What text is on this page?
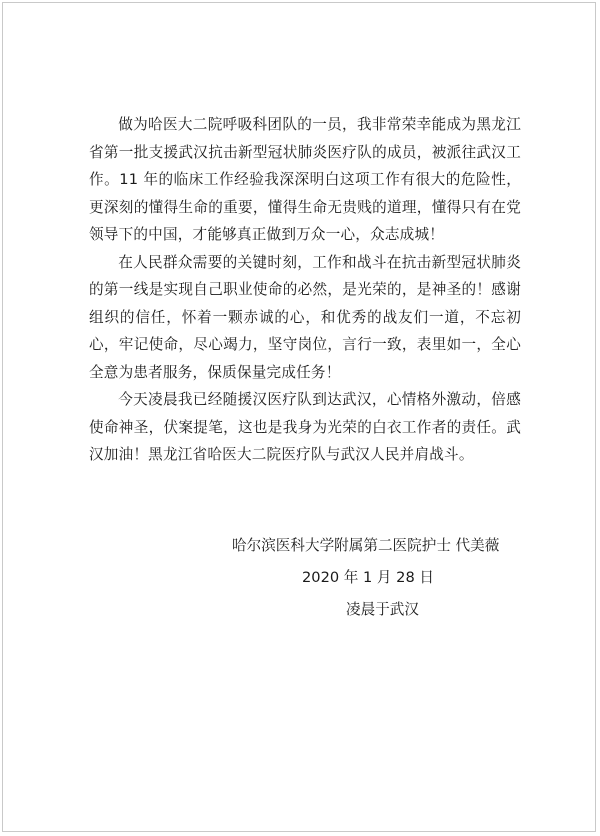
做为哈医大二院呼吸科团队的一员，我非常荣幸能成为黑龙江省第一批支援武汉抗击新型冠状肺炎医疗队的成员，被派往武汉工作。11 年的临床工作经验我深深明白这项工作有很大的危险性，更深刻的懂得生命的重要，懂得生命无贵贱的道理，懂得只有在党领导下的中国，才能够真正做到万众一心，众志成城！

在人民群众需要的关键时刻，工作和战斗在抗击新型冠状肺炎的第一线是实现自己职业使命的必然，是光荣的，是神圣的！感谢组织的信任，怀着一颗赤诚的心，和优秀的战友们一道，不忘初心，牢记使命，尽心竭力，坚守岗位，言行一致，表里如一，全心全意为患者服务，保质保量完成任务！

今天凌晨我已经随援汉医疗队到达武汉，心情格外激动，倍感使命神圣，伏案提笔，这也是我身为光荣的白衣工作者的责任。武汉加油！黑龙江省哈医大二院医疗队与武汉人民并肩战斗。

哈尔滨医科大学附属第二医院护士 代美薇
2020 年 1 月 28 日
凌晨于武汉
